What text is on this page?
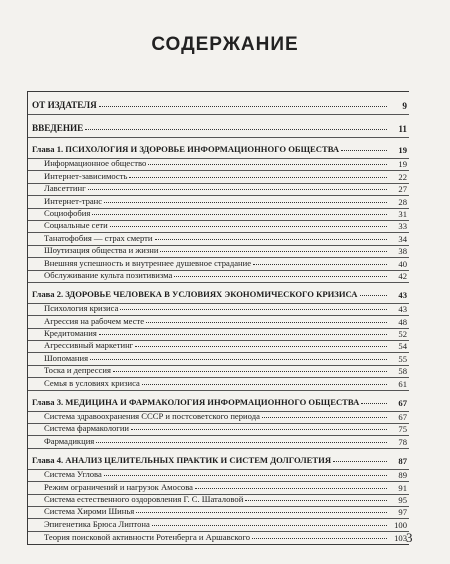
СОДЕРЖАНИЕ
ОТ ИЗДАТЕЛЯ	9
ВВЕДЕНИЕ	11
Глава 1. ПСИХОЛОГИЯ И ЗДОРОВЬЕ ИНФОРМАЦИОННОГО ОБЩЕСТВА	19
Информационное общество	19
Интернет-зависимость	22
Лавсеттинг	27
Интернет-транс	28
Социофобия	31
Социальные сети	33
Танатофобия — страх смерти	34
Шоутизация общества и жизни	38
Внешняя успешность и внутреннее душевное страдание	40
Обслуживание культа позитивизма	42
Глава 2. ЗДОРОВЬЕ ЧЕЛОВЕКА В УСЛОВИЯХ ЭКОНОМИЧЕСКОГО КРИЗИСА	43
Психология кризиса	43
Агрессия на рабочем месте	48
Кредитомания	52
Агрессивный маркетинг	54
Шопомания	55
Тоска и депрессия	58
Семья в условиях кризиса	61
Глава 3. МЕДИЦИНА И ФАРМАКОЛОГИЯ ИНФОРМАЦИОННОГО ОБЩЕСТВА	67
Система здравоохранения СССР и постсоветского периода	67
Система фармакологии	75
Фармадикция	78
Глава 4. АНАЛИЗ ЦЕЛИТЕЛЬНЫХ ПРАКТИК И СИСТЕМ ДОЛГОЛЕТИЯ	87
Система Углова	89
Режим ограничений и нагрузок Амосова	91
Система естественного оздоровления Г. С. Шаталовой	95
Система Хироми Шинья	97
Эпигенетика Брюса Липтона	100
Теория поисковой активности Ротенберга и Аршавского	103 3
